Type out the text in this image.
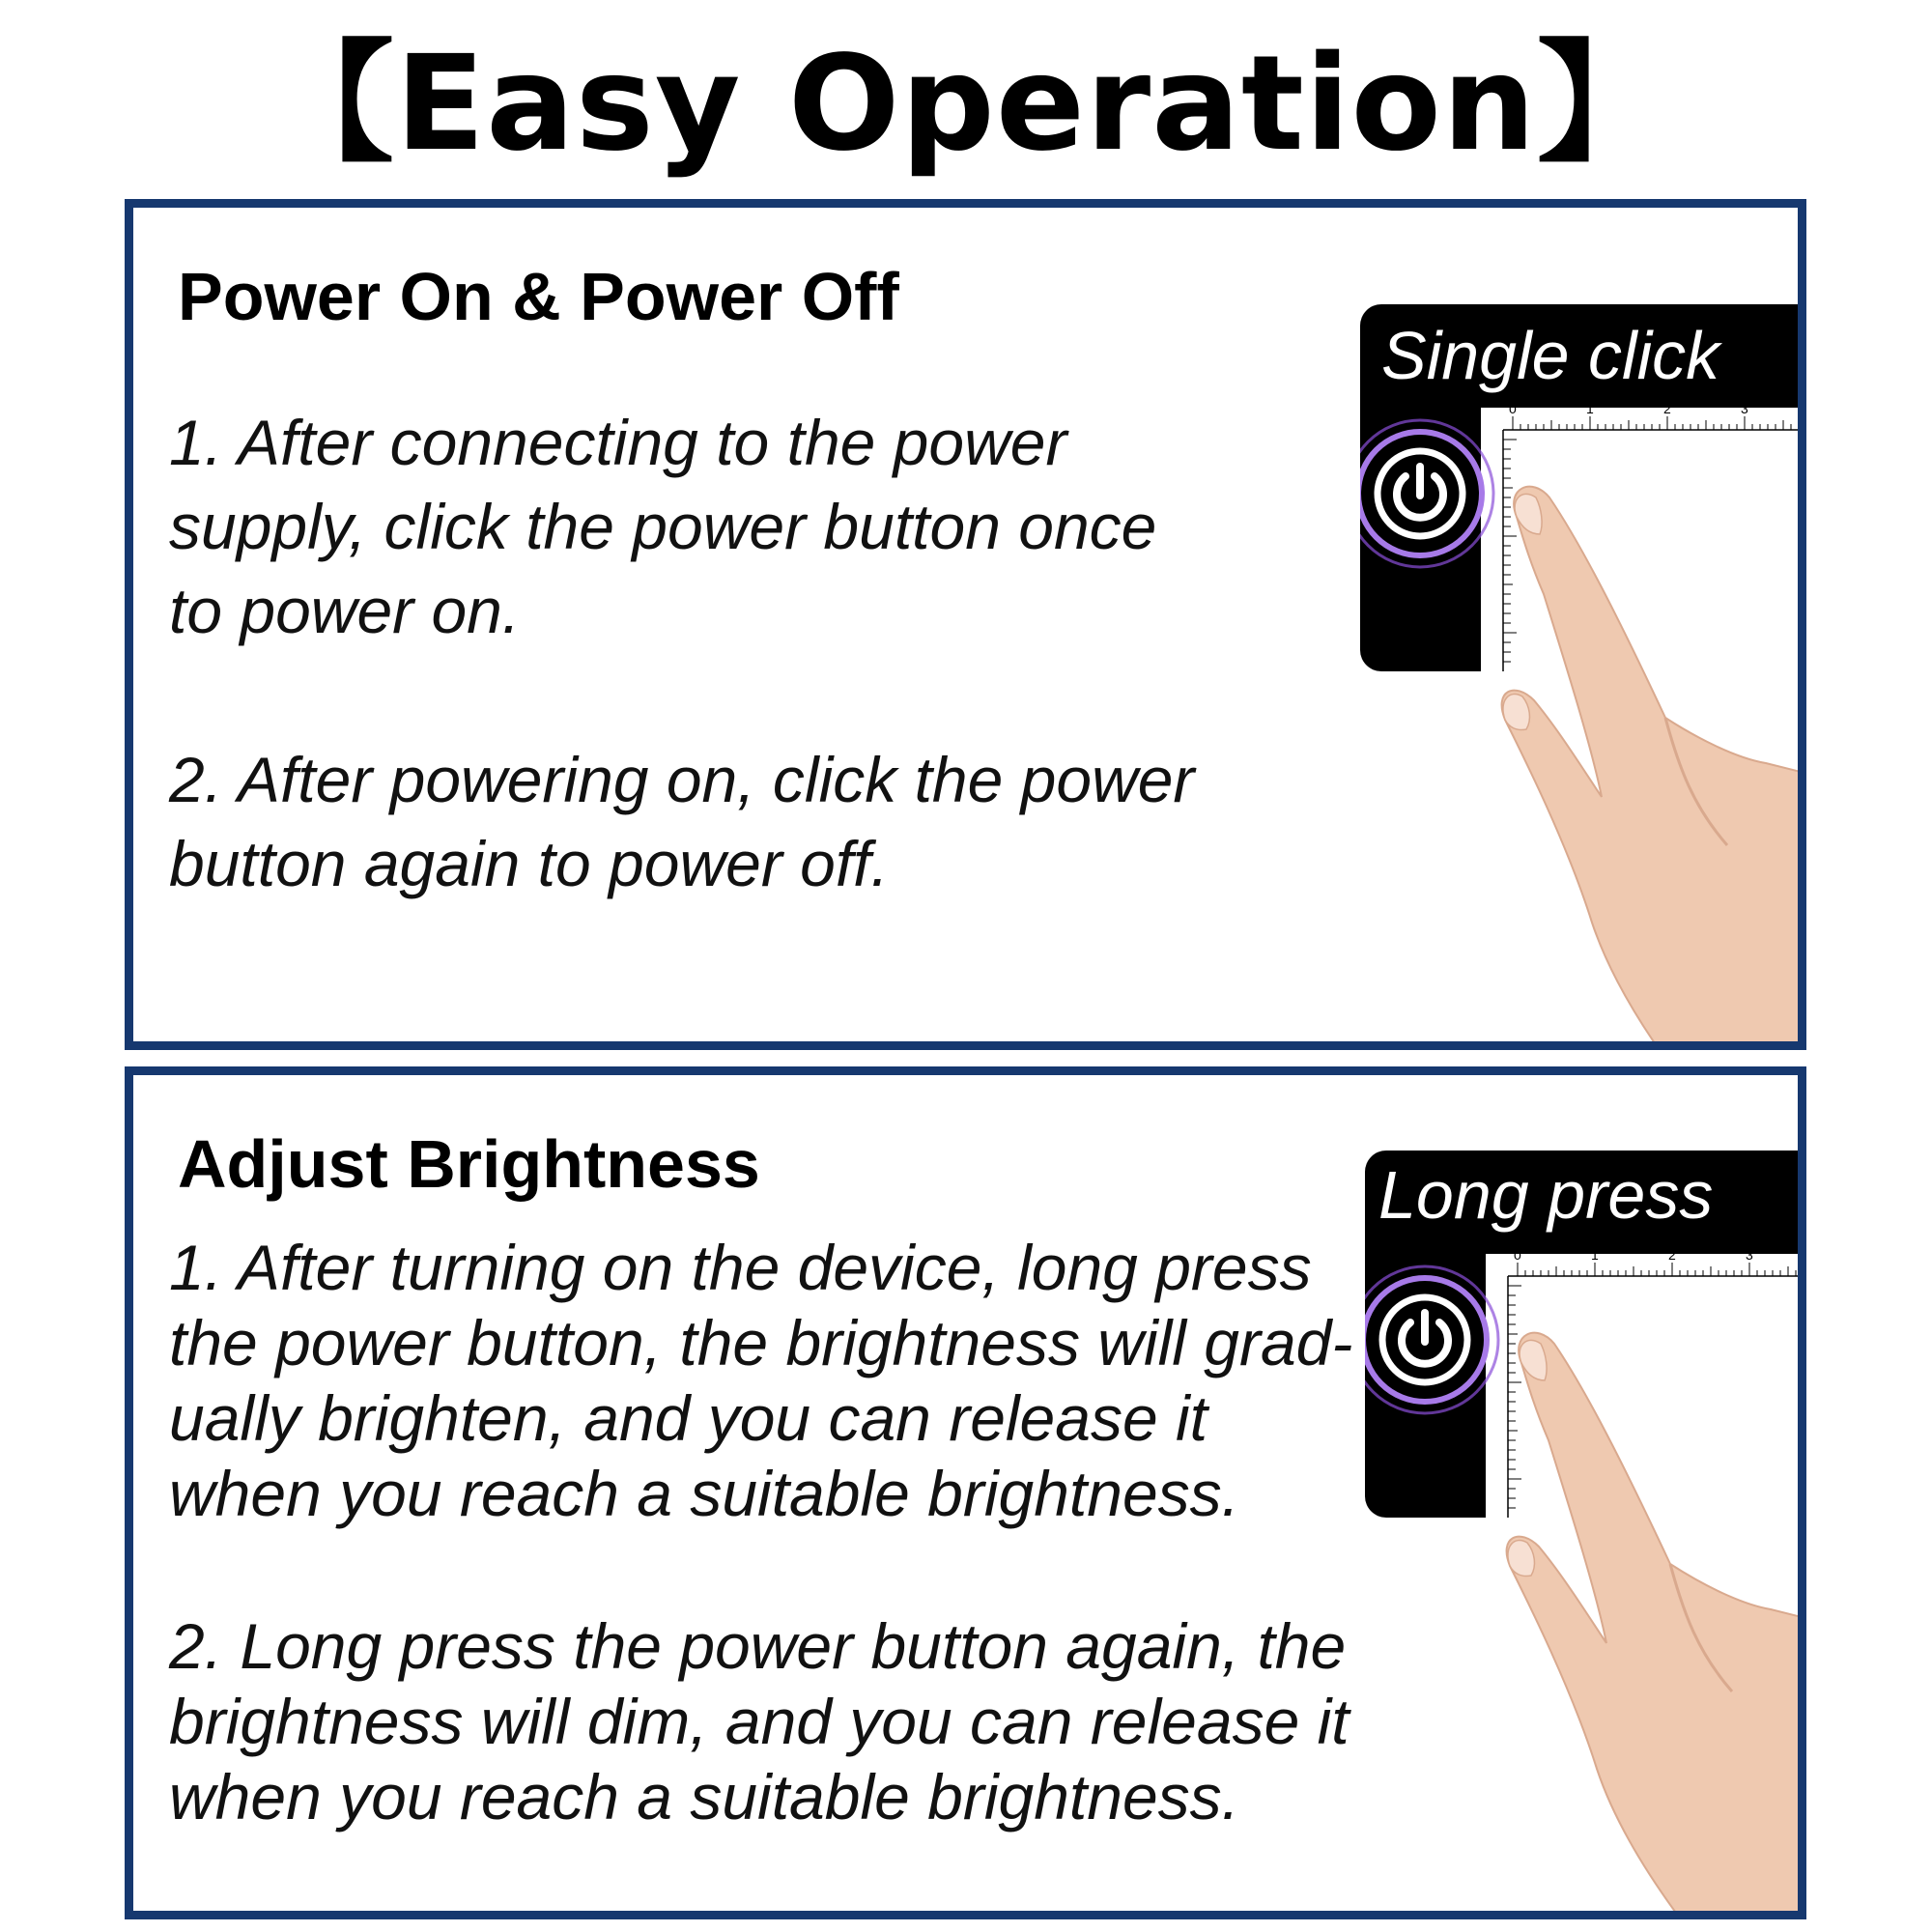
【Easy Operation】
Power On & Power Off

1. After connecting to the power
supply, click the power button once
to power on.

2. After powering on, click the power
button again to power off.

Single click
0	1	2	3
Adjust Brightness

1. After turning on the device, long press
the power button, the brightness will grad-
ually brighten, and you can release it
when you reach a suitable brightness.

2. Long press the power button again, the
brightness will dim, and you can release it
when you reach a suitable brightness.

Long press
0	1	2	3
